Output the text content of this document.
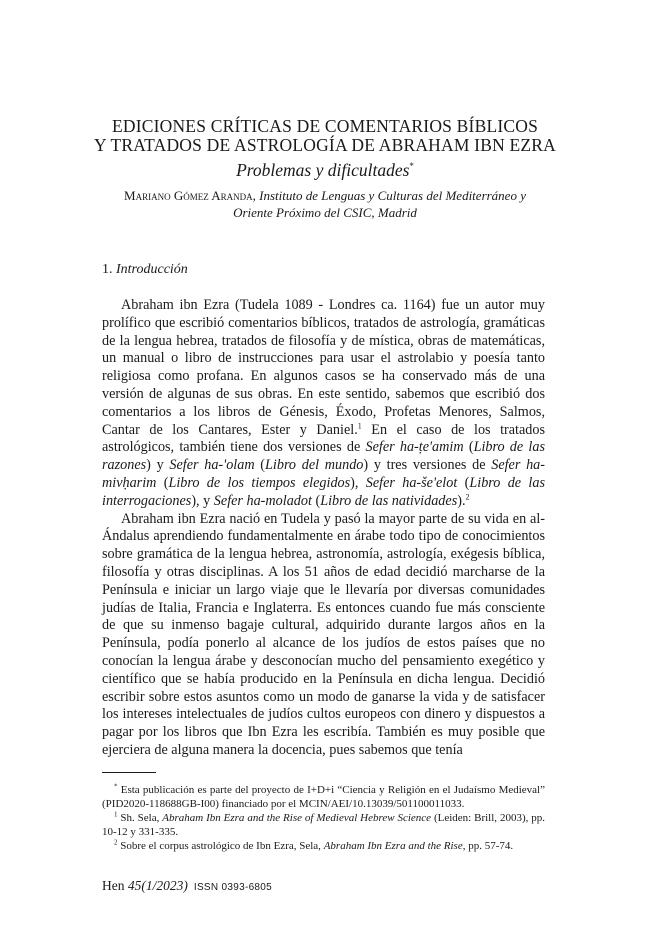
EDICIONES CRÍTICAS DE COMENTARIOS BÍBLICOS

Y TRATADOS DE ASTROLOGÍA DE ABRAHAM IBN EZRA

Problemas y dificultades*

Mariano Gómez Aranda, Instituto de Lenguas y Culturas del Mediterráneo y
Oriente Próximo del CSIC, Madrid
1. Introducción

Abraham ibn Ezra (Tudela 1089 - Londres ca. 1164) fue un autor muy prolífico que escribió comentarios bíblicos, tratados de astrología, gramáticas de la lengua hebrea, tratados de filosofía y de mística, obras de matemáticas, un manual o libro de instrucciones para usar el astrolabio y poesía tanto religiosa como profana. En algunos casos se ha conservado más de una versión de algunas de sus obras. En este sentido, sabemos que escribió dos comentarios a los libros de Génesis, Éxodo, Profetas Menores, Salmos, Cantar de los Cantares, Ester y Daniel.$^1$ En el caso de los tratados astrológicos, también tiene dos versiones de Sefer ha-ṭe'amim (Libro de las razones) y Sefer ha-'olam (Libro del mundo) y tres versiones de Sefer ha-mivḥarim (Libro de los tiempos elegidos), Sefer ha-še'elot (Libro de las interrogaciones), y Sefer ha-moladot (Libro de las natividades).$^2$

Abraham ibn Ezra nació en Tudela y pasó la mayor parte de su vida en al-Ándalus aprendiendo fundamentalmente en árabe todo tipo de conocimientos sobre gramática de la lengua hebrea, astronomía, astrología, exégesis bíblica, filosofía y otras disciplinas. A los 51 años de edad decidió marcharse de la Península e iniciar un largo viaje que le llevaría por diversas comunidades judías de Italia, Francia e Inglaterra. Es entonces cuando fue más consciente de que su inmenso bagaje cultural, adquirido durante largos años en la Península, podía ponerlo al alcance de los judíos de estos países que no conocían la lengua árabe y desconocían mucho del pensamiento exegético y científico que se había producido en la Península en dicha lengua. Decidió escribir sobre estos asuntos como un modo de ganarse la vida y de satisfacer los intereses intelectuales de judíos cultos europeos con dinero y dispuestos a pagar por los libros que Ibn Ezra les escribía. También es muy posible que ejerciera de alguna manera la docencia, pues sabemos que tenía

* Esta publicación es parte del proyecto de I+D+i “Ciencia y Religión en el Judaísmo Medieval” (PID2020-118688GB-I00) financiado por el MCIN/AEI/10.13039/501100011033.

$^1$ Sh. Sela, Abraham Ibn Ezra and the Rise of Medieval Hebrew Science (Leiden: Brill, 2003), pp. 10-12 y 331-335.

$^2$ Sobre el corpus astrológico de Ibn Ezra, Sela, Abraham Ibn Ezra and the Rise, pp. 57-74.

Hen 45(1/2023) ISSN 0393-6805
